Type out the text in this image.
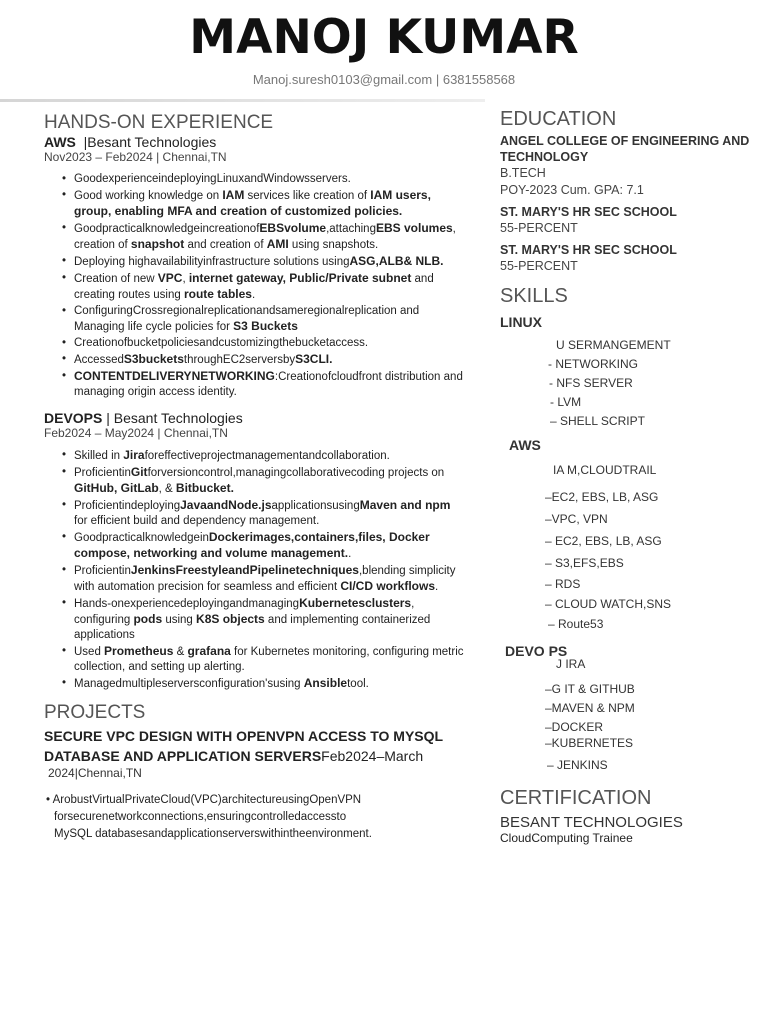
MANOJ KUMAR
Manoj.suresh0103@gmail.com | 6381558568
HANDS-ON EXPERIENCE
AWS |Besant Technologies
Nov2023 – Feb2024 | Chennai,TN
• Goodexperienceindeploying​LinuxandWindowsservers.
• Good working knowledge on IAM services like creation of IAM users, group, enabling MFA and creation of customized policies.
• GoodpracticalknowledgeincreationofEBSvolume,attachingEBS volumes, creation of snapshot and creation of AMI using snapshots.
• Deploying highavailabilityinfrastructure solutions usingASG,ALB& NLB.
• Creation of new VPC, internet gateway, Public/Private subnet and creating routes using route tables.
• ConfiguringCrossregionalreplicationandsameregionalreplication and Managing life cycle policies for S3 Buckets
• Creationofbucketpoliciesandcustomizingthebucketaccess.
• AccessedS3bucketsthroughEC2serversbyS3CLI.
• CONTENTDELIVERYNETWORKING:Creationofcloudfront distribution and managing origin access identity.
DEVOPS | Besant Technologies
Feb2024 – May2024 | Chennai,TN
• Skilled in Jiraforeffectiveprojectmanagementandcollaboration.
• ProficientinGitforversioncontrol,managingcollaborativecoding projects on GitHub, GitLab, & Bitbucket.
• ProficientindeployingJavaandNode.jsapplicationsusingMaven and npm for efficient build and dependency management.
• GoodpracticalknowledgeinDockerimages,containers,files, Docker compose, networking and volume management..
• ProficientinJenkinsFreestyleandPipelinetechniques,blending simplicity with automation precision for seamless and efficient CI/CD workflows.
• Hands-onexperiencedeployingandmanagingKubernetesclusters, configuring pods using K8S objects and implementing containerized applications
• Used Prometheus & grafana for Kubernetes monitoring, configuring metric collection, and setting up alerting.
• Managedmultipleserversconfiguration'susing Ansibletool.
PROJECTS
SECURE VPC DESIGN WITH OPENVPN ACCESS TO MYSQL DATABASE AND APPLICATION SERVERSFeb2024–March
2024|Chennai,TN
• ArobustVirtualPrivateCloud(VPC)architectureusingOpenVPN
forsecurenetworkconnections,ensuringcontrolledaccessto
MySQL databasesandapplicationserverswithintheenvironment.
EDUCATION
ANGEL COLLEGE OF ENGINEERING AND TECHNOLOGY
B.TECH
POY-2023 Cum. GPA: 7.1
ST. MARY'S HR SEC SCHOOL
55-PERCENT
ST. MARY'S HR SEC SCHOOL
55-PERCENT
SKILLS
LINUX
U SERMANGEMENT
- NETWORKING
- NFS SERVER
- LVM
– SHELL SCRIPT
AWS
IA M,CLOUDTRAIL
–EC2, EBS, LB, ASG
–VPC, VPN
– EC2, EBS, LB, ASG
– S3,EFS,EBS
– RDS
– CLOUD WATCH,SNS
– Route53
DEVO PS
J IRA
–G IT & GITHUB
–MAVEN & NPM
–DOCKER
–KUBERNETES
– JENKINS
CERTIFICATION
BESANT TECHNOLOGIES
CloudComputing Trainee
